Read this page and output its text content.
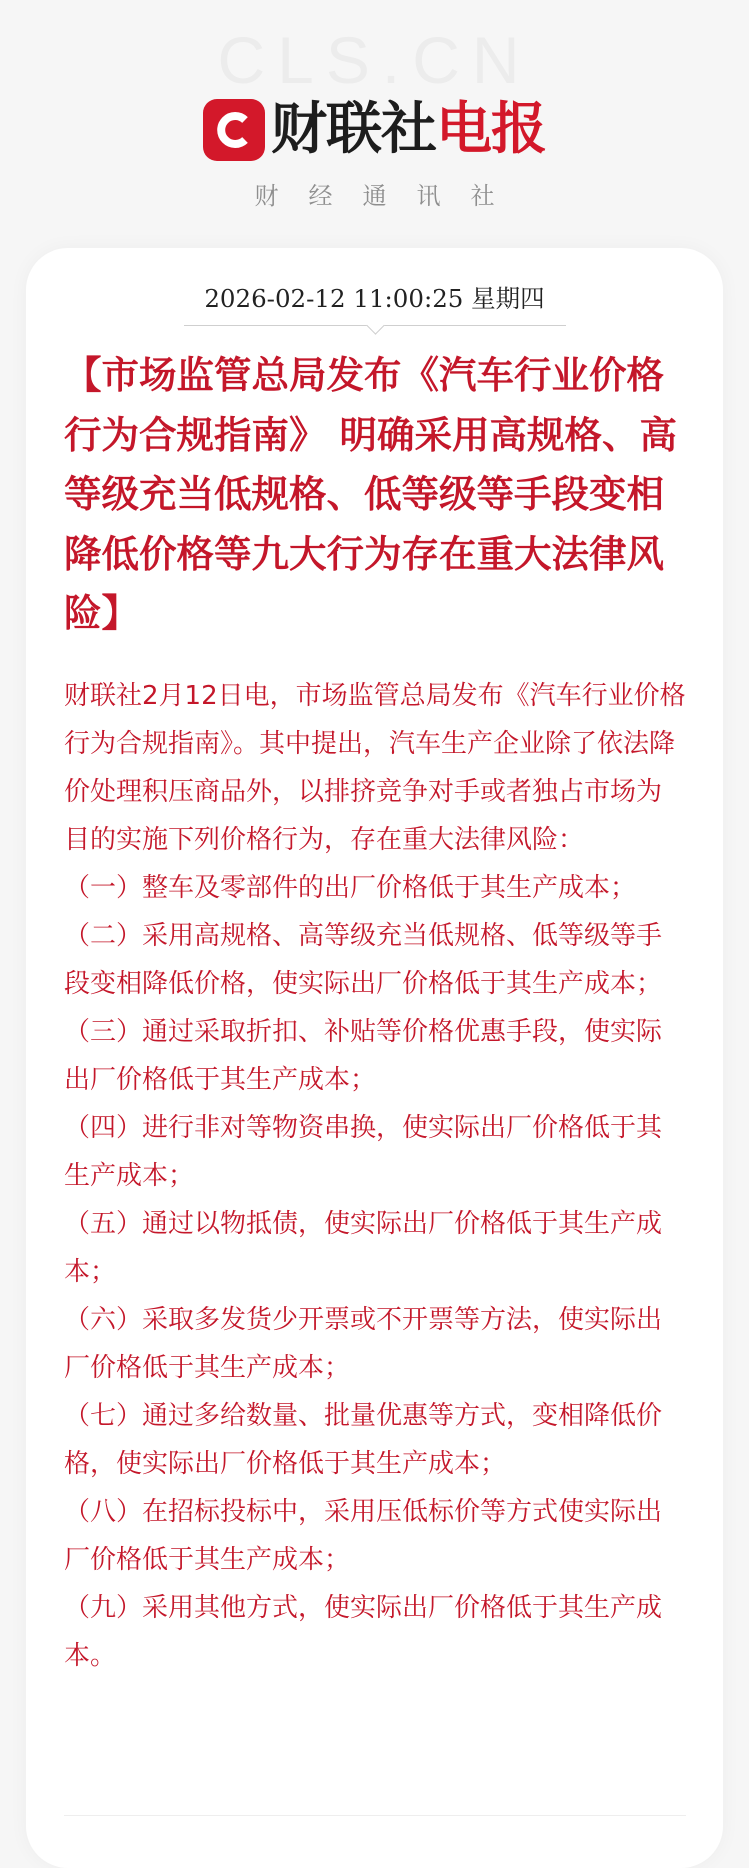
CLS.CN
财联社电报
财经通讯社
2026-02-12 11:00:25 星期四
【市场监管总局发布《汽车行业价格行为合规指南》 明确采用高规格、高等级充当低规格、低等级等手段变相降低价格等九大行为存在重大法律风险】

财联社2月12日电，市场监管总局发布《汽车行业价格行为合规指南》。其中提出，汽车生产企业除了依法降价处理积压商品外，以排挤竞争对手或者独占市场为目的实施下列价格行为，存在重大法律风险：

（一）整车及零部件的出厂价格低于其生产成本；

（二）采用高规格、高等级充当低规格、低等级等手段变相降低价格，使实际出厂价格低于其生产成本；

（三）通过采取折扣、补贴等价格优惠手段，使实际出厂价格低于其生产成本；

（四）进行非对等物资串换，使实际出厂价格低于其生产成本；

（五）通过以物抵债，使实际出厂价格低于其生产成本；

（六）采取多发货少开票或不开票等方法，使实际出厂价格低于其生产成本；

（七）通过多给数量、批量优惠等方式，变相降低价格，使实际出厂价格低于其生产成本；

（八）在招标投标中，采用压低标价等方式使实际出厂价格低于其生产成本；

（九）采用其他方式，使实际出厂价格低于其生产成本。
